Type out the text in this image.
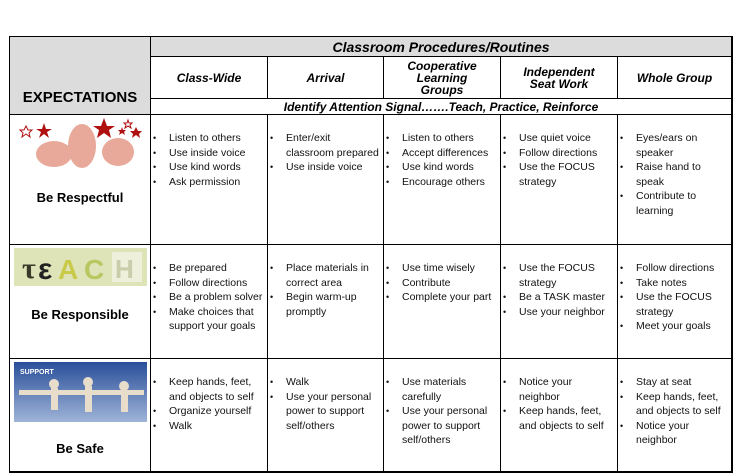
EXPECTATIONS
Classroom Procedures/Routines
Class-Wide	Arrival
Cooperative Learning Groups
Independent Seat Work	Whole Group
Identify Attention Signal…….Teach, Practice, Reinforce
Be Respectful
• Listen to others
• Use inside voice
• Use kind words
• Ask permission
• Enter/exit classroom prepared
• Use inside voice
• Listen to others
• Accept differences
• Use kind words
• Encourage others
• Use quiet voice
• Follow directions
• Use the FOCUS strategy
• Eyes/ears on speaker
• Raise hand to speak
• Contribute to learning
τ ε A C H
Be Responsible
• Be prepared
• Follow directions
• Be a problem solver
• Make choices that support your goals
• Place materials in correct area
• Begin warm-up promptly
• Use time wisely
• Contribute
• Complete your part
• Use the FOCUS strategy
• Be a TASK master
• Use your neighbor
• Follow directions
• Take notes
• Use the FOCUS strategy
• Meet your goals
SUPPORT
Be Safe
• Keep hands, feet, and objects to self
• Organize yourself
• Walk
• Walk
• Use your personal power to support self/others
• Use materials carefully
• Use your personal power to support self/others
• Notice your neighbor
• Keep hands, feet, and objects to self
• Stay at seat
• Keep hands, feet, and objects to self
• Notice your neighbor
